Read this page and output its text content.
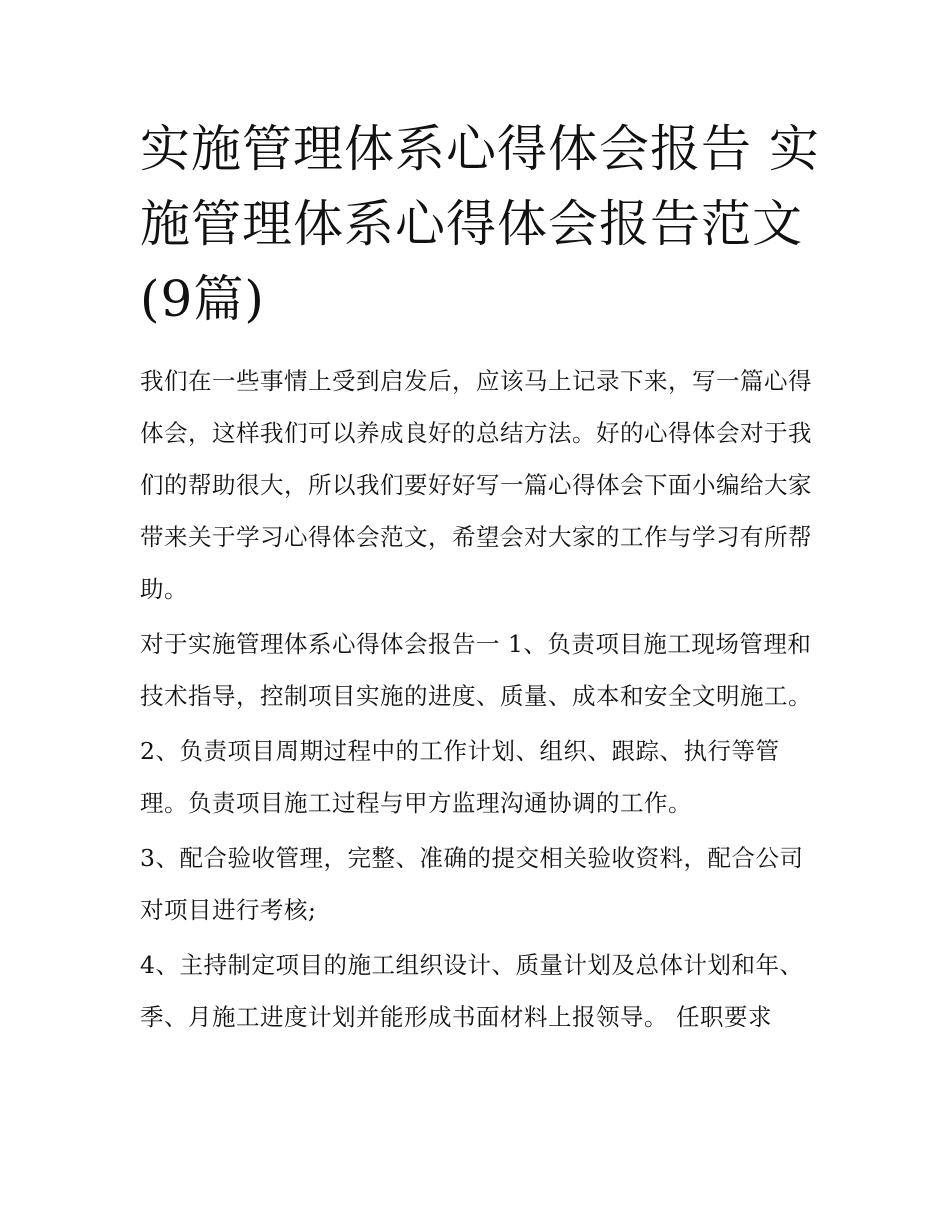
实施管理体系心得体会报告 实施管理体系心得体会报告范文 (9篇)

我们在一些事情上受到启发后，应该马上记录下来，写一篇心得体会，这样我们可以养成良好的总结方法。好的心得体会对于我们的帮助很大，所以我们要好好写一篇心得体会下面小编给大家带来关于学习心得体会范文，希望会对大家的工作与学习有所帮助。

对于实施管理体系心得体会报告一 1、负责项目施工现场管理和技术指导，控制项目实施的进度、质量、成本和安全文明施工。

2、负责项目周期过程中的工作计划、组织、跟踪、执行等管理。负责项目施工过程与甲方监理沟通协调的工作。

3、配合验收管理，完整、准确的提交相关验收资料，配合公司对项目进行考核;

4、主持制定项目的施工组织设计、质量计划及总体计划和年、季、月施工进度计划并能形成书面材料上报领导。 任职要求
